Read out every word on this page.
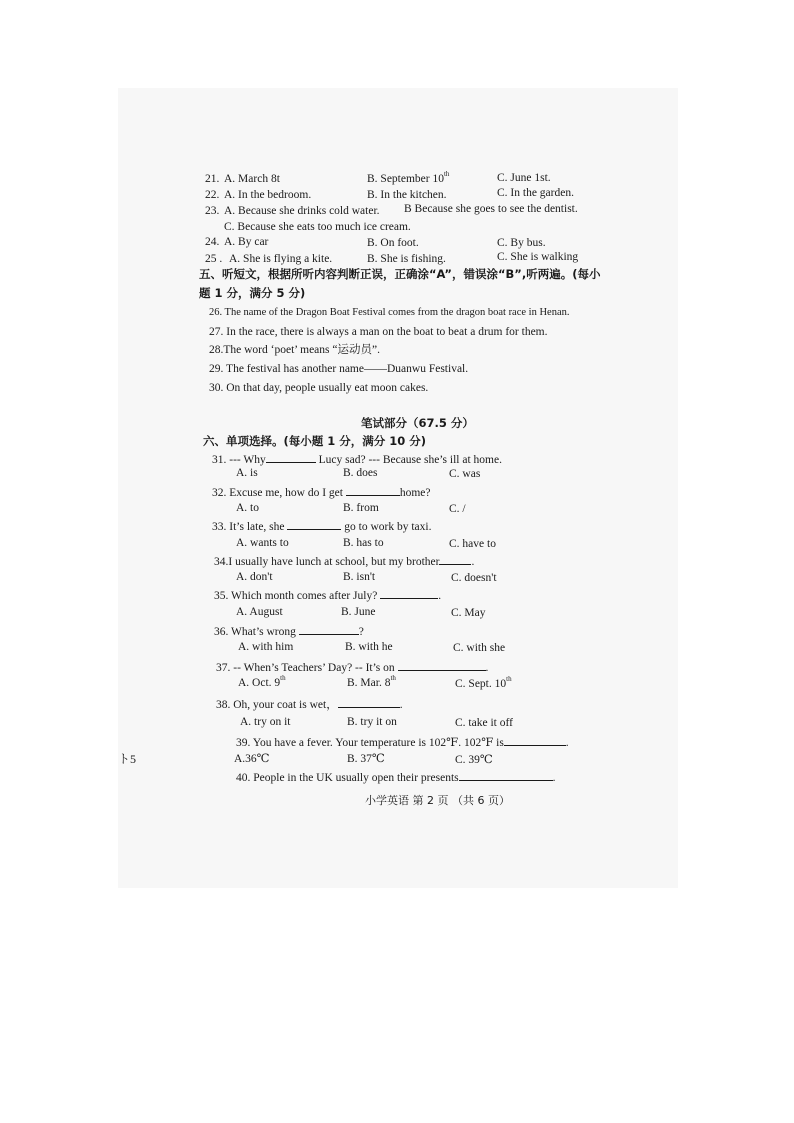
21. A. March 8t	B. September 10th	C. June 1st.
22. A. In the bedroom.	B. In the kitchen.	C. In the garden.
23. A. Because she drinks cold water. B Because she goes to see the dentist.
C. Because she eats too much ice cream.
24. A. By car	B. On foot.	C. By bus.
25 . A. She is flying a kite.	B. She is fishing.	C. She is walking
五、听短文，根据所听内容判断正误，正确涂“A”，错误涂“B”,听两遍。(每小
题 1 分，满分 5 分)
26. The name of the Dragon Boat Festival comes from the dragon boat race in Henan.
27. In the race, there is always a man on the boat to beat a drum for them.
28.The word ‘poet’ means “运动员”.
29. The festival has another name——Duanwu Festival.
30. On that day, people usually eat moon cakes.
笔试部分（67.5 分）
六、单项选择。(每小题 1 分，满分 10 分)
31. --- Why	Lucy sad? --- Because she’s ill at home.
A. is	B. does	C. was
32. Excuse me, how do I get	home?
A. to	B. from	C. /
33. It’s late, she	go to work by taxi.
A. wants to	B. has to	C. have to
34.I usually have lunch at school, but my brother	.
A. don't	B. isn't	C. doesn't
35. Which month comes after July?	.
A. August	B. June	C. May
36. What’s wrong	?
A. with him	B. with he	C. with she
37. -- When’s Teachers’ Day? -- It’s on	.
A. Oct. 9th	B. Mar. 8th	C. Sept. 10th
38. Oh, your coat is wet，	.
A. try on it	B. try it on	C. take it off
39. You have a fever. Your temperature is 102℉. 102℉ is	.
A.36℃	B. 37℃	C. 39℃
40. People in the UK usually open their presents	.
ト5
小学英语 第 2 页 （共 6 页）
